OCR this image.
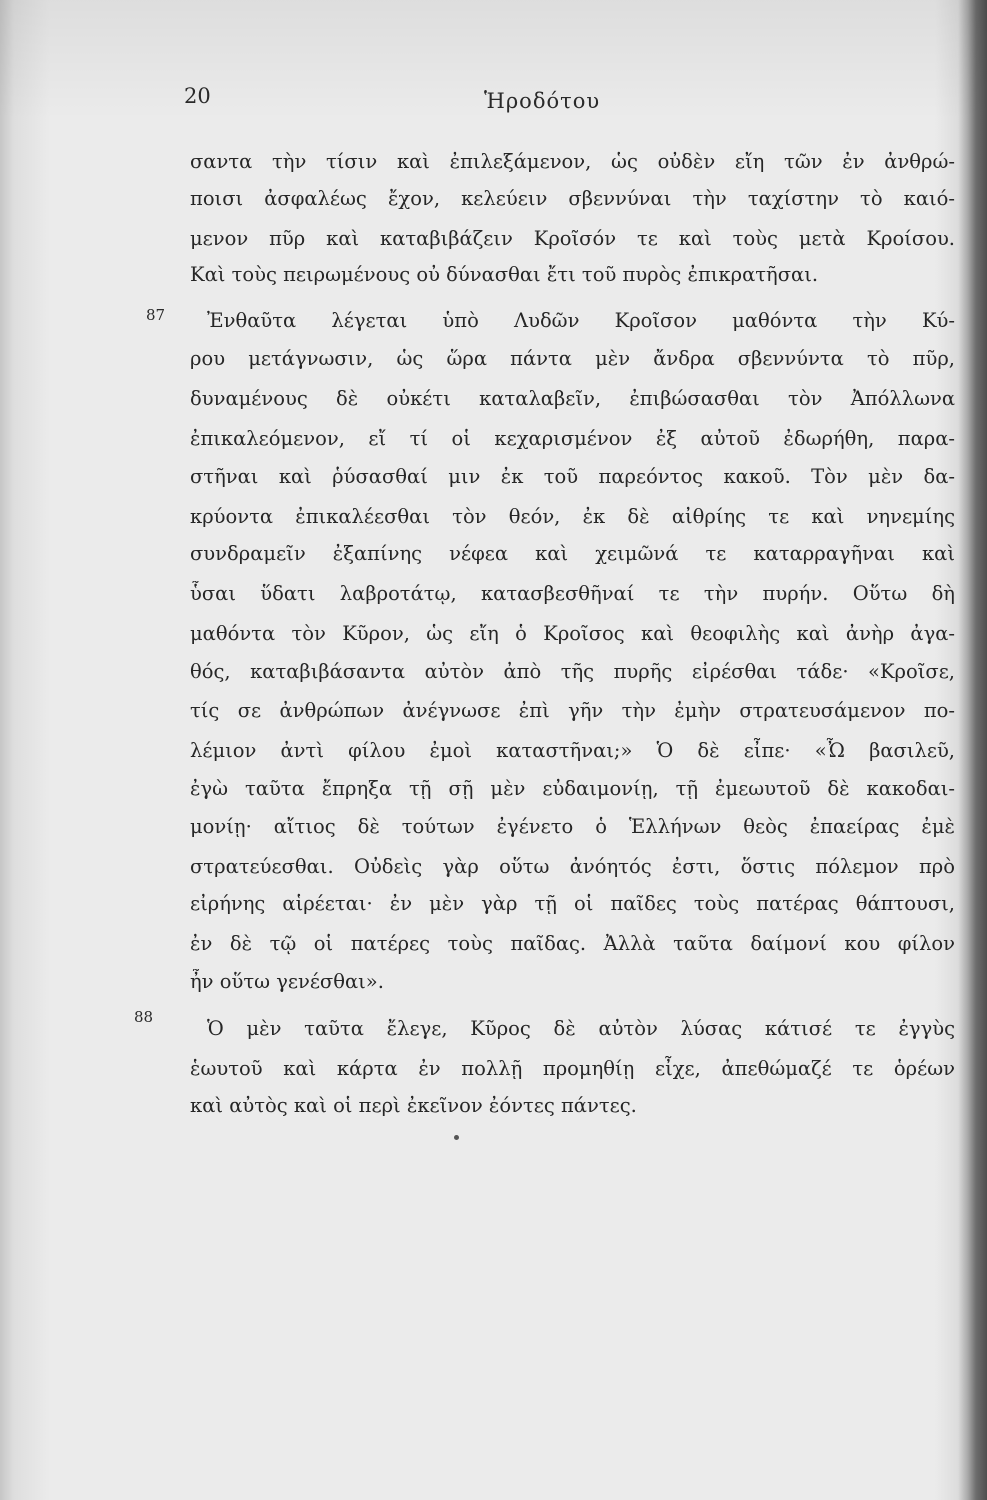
20	Ἡροδότου
σαντα τὴν τίσιν καὶ ἐπιλεξάμενον, ὡς οὐδὲν εἴη τῶν ἐν ἀνθρώ-
ποισι ἀσφαλέως ἔχον, κελεύειν σβεννύναι τὴν ταχίστην τὸ καιό-
μενον πῦρ καὶ καταβιβάζειν Κροῖσόν τε καὶ τοὺς μετὰ Κροίσου.
Καὶ τοὺς πειρωμένους οὐ δύνασθαι ἔτι τοῦ πυρὸς ἐπικρατῆσαι.
87 Ἐνθαῦτα λέγεται ὑπὸ Λυδῶν Κροῖσον μαθόντα τὴν Κύ-
ρου μετάγνωσιν, ὡς ὥρα πάντα μὲν ἄνδρα σβεννύντα τὸ πῦρ,
δυναμένους δὲ οὐκέτι καταλαβεῖν, ἐπιβώσασθαι τὸν Ἀπόλλωνα
ἐπικαλεόμενον, εἴ τί οἱ κεχαρισμένον ἐξ αὐτοῦ ἐδωρήθη, παρα-
στῆναι καὶ ῥύσασθαί μιν ἐκ τοῦ παρεόντος κακοῦ. Τὸν μὲν δα-
κρύοντα ἐπικαλέεσθαι τὸν θεόν, ἐκ δὲ αἰθρίης τε καὶ νηνεμίης
συνδραμεῖν ἐξαπίνης νέφεα καὶ χειμῶνά τε καταρραγῆναι καὶ
ὗσαι ὕδατι λαβροτάτῳ, κατασβεσθῆναί τε τὴν πυρήν. Οὕτω δὴ
μαθόντα τὸν Κῦρον, ὡς εἴη ὁ Κροῖσος καὶ θεοφιλὴς καὶ ἀνὴρ ἀγα-
θός, καταβιβάσαντα αὐτὸν ἀπὸ τῆς πυρῆς εἰρέσθαι τάδε· «Κροῖσε,
τίς σε ἀνθρώπων ἀνέγνωσε ἐπὶ γῆν τὴν ἐμὴν στρατευσάμενον πο-
λέμιον ἀντὶ φίλου ἐμοὶ καταστῆναι;» Ὁ δὲ εἶπε· «Ὦ βασιλεῦ,
ἐγὼ ταῦτα ἔπρηξα τῇ σῇ μὲν εὐδαιμονίῃ, τῇ ἐμεωυτοῦ δὲ κακοδαι-
μονίῃ· αἴτιος δὲ τούτων ἐγένετο ὁ Ἑλλήνων θεὸς ἐπαείρας ἐμὲ
στρατεύεσθαι. Οὐδεὶς γὰρ οὕτω ἀνόητός ἐστι, ὅστις πόλεμον πρὸ
εἰρήνης αἱρέεται· ἐν μὲν γὰρ τῇ οἱ παῖδες τοὺς πατέρας θάπτουσι,
ἐν δὲ τῷ οἱ πατέρες τοὺς παῖδας. Ἀλλὰ ταῦτα δαίμονί κου φίλον
ἦν οὕτω γενέσθαι».
88	Ὁ μὲν ταῦτα ἔλεγε, Κῦρος δὲ αὐτὸν λύσας κάτισέ τε ἐγγὺς
ἑωυτοῦ καὶ κάρτα ἐν πολλῇ προμηθίῃ εἶχε, ἀπεθώμαζέ τε ὁρέων
καὶ αὐτὸς καὶ οἱ περὶ ἐκεῖνον ἐόντες πάντες.
